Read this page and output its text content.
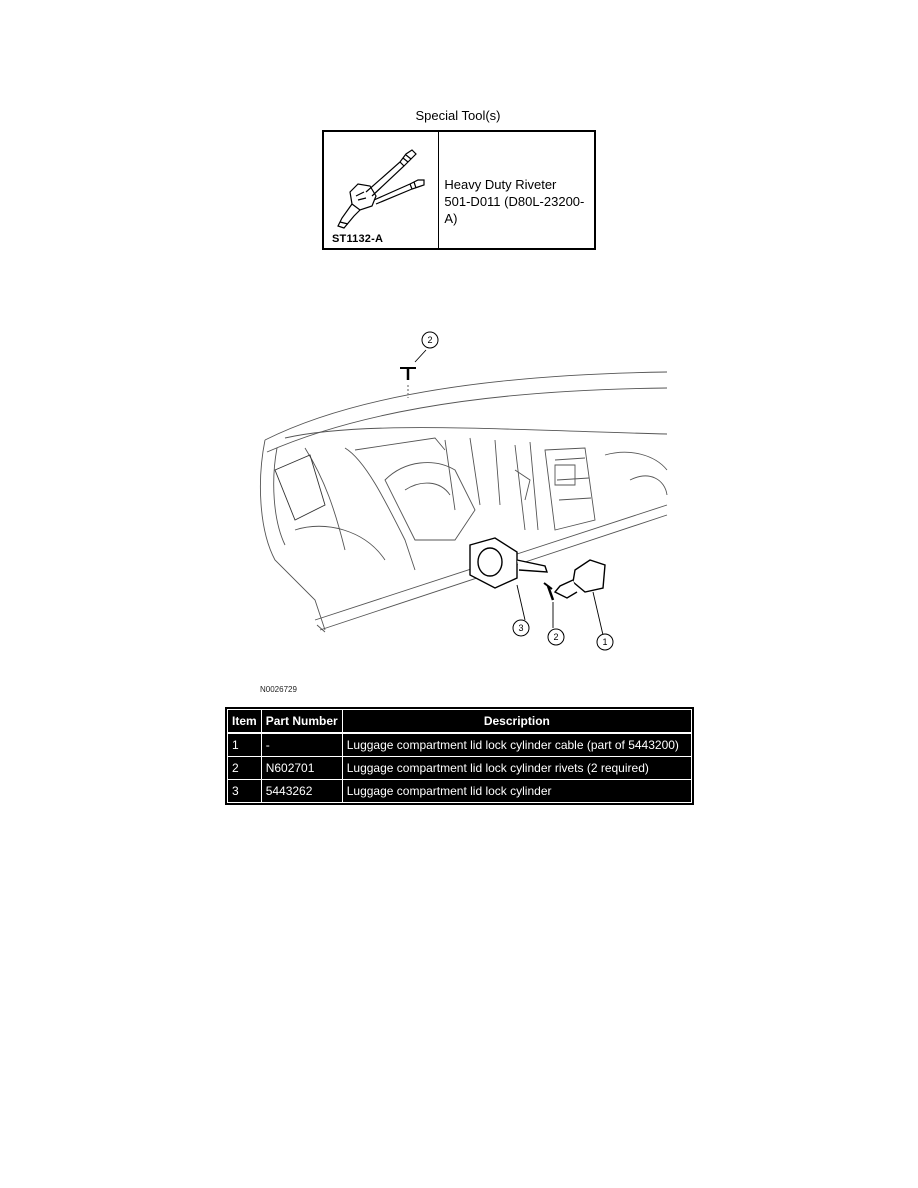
Special Tool(s)
ST1132-A
Heavy Duty Riveter
501-D011 (D80L-23200-A)
2
3
2	1
N0026729
Item	Part Number	Description
1	-	Luggage compartment lid lock cylinder cable (part of 5443200)
2	N602701	Luggage compartment lid lock cylinder rivets (2 required)
3	5443262	Luggage compartment lid lock cylinder
